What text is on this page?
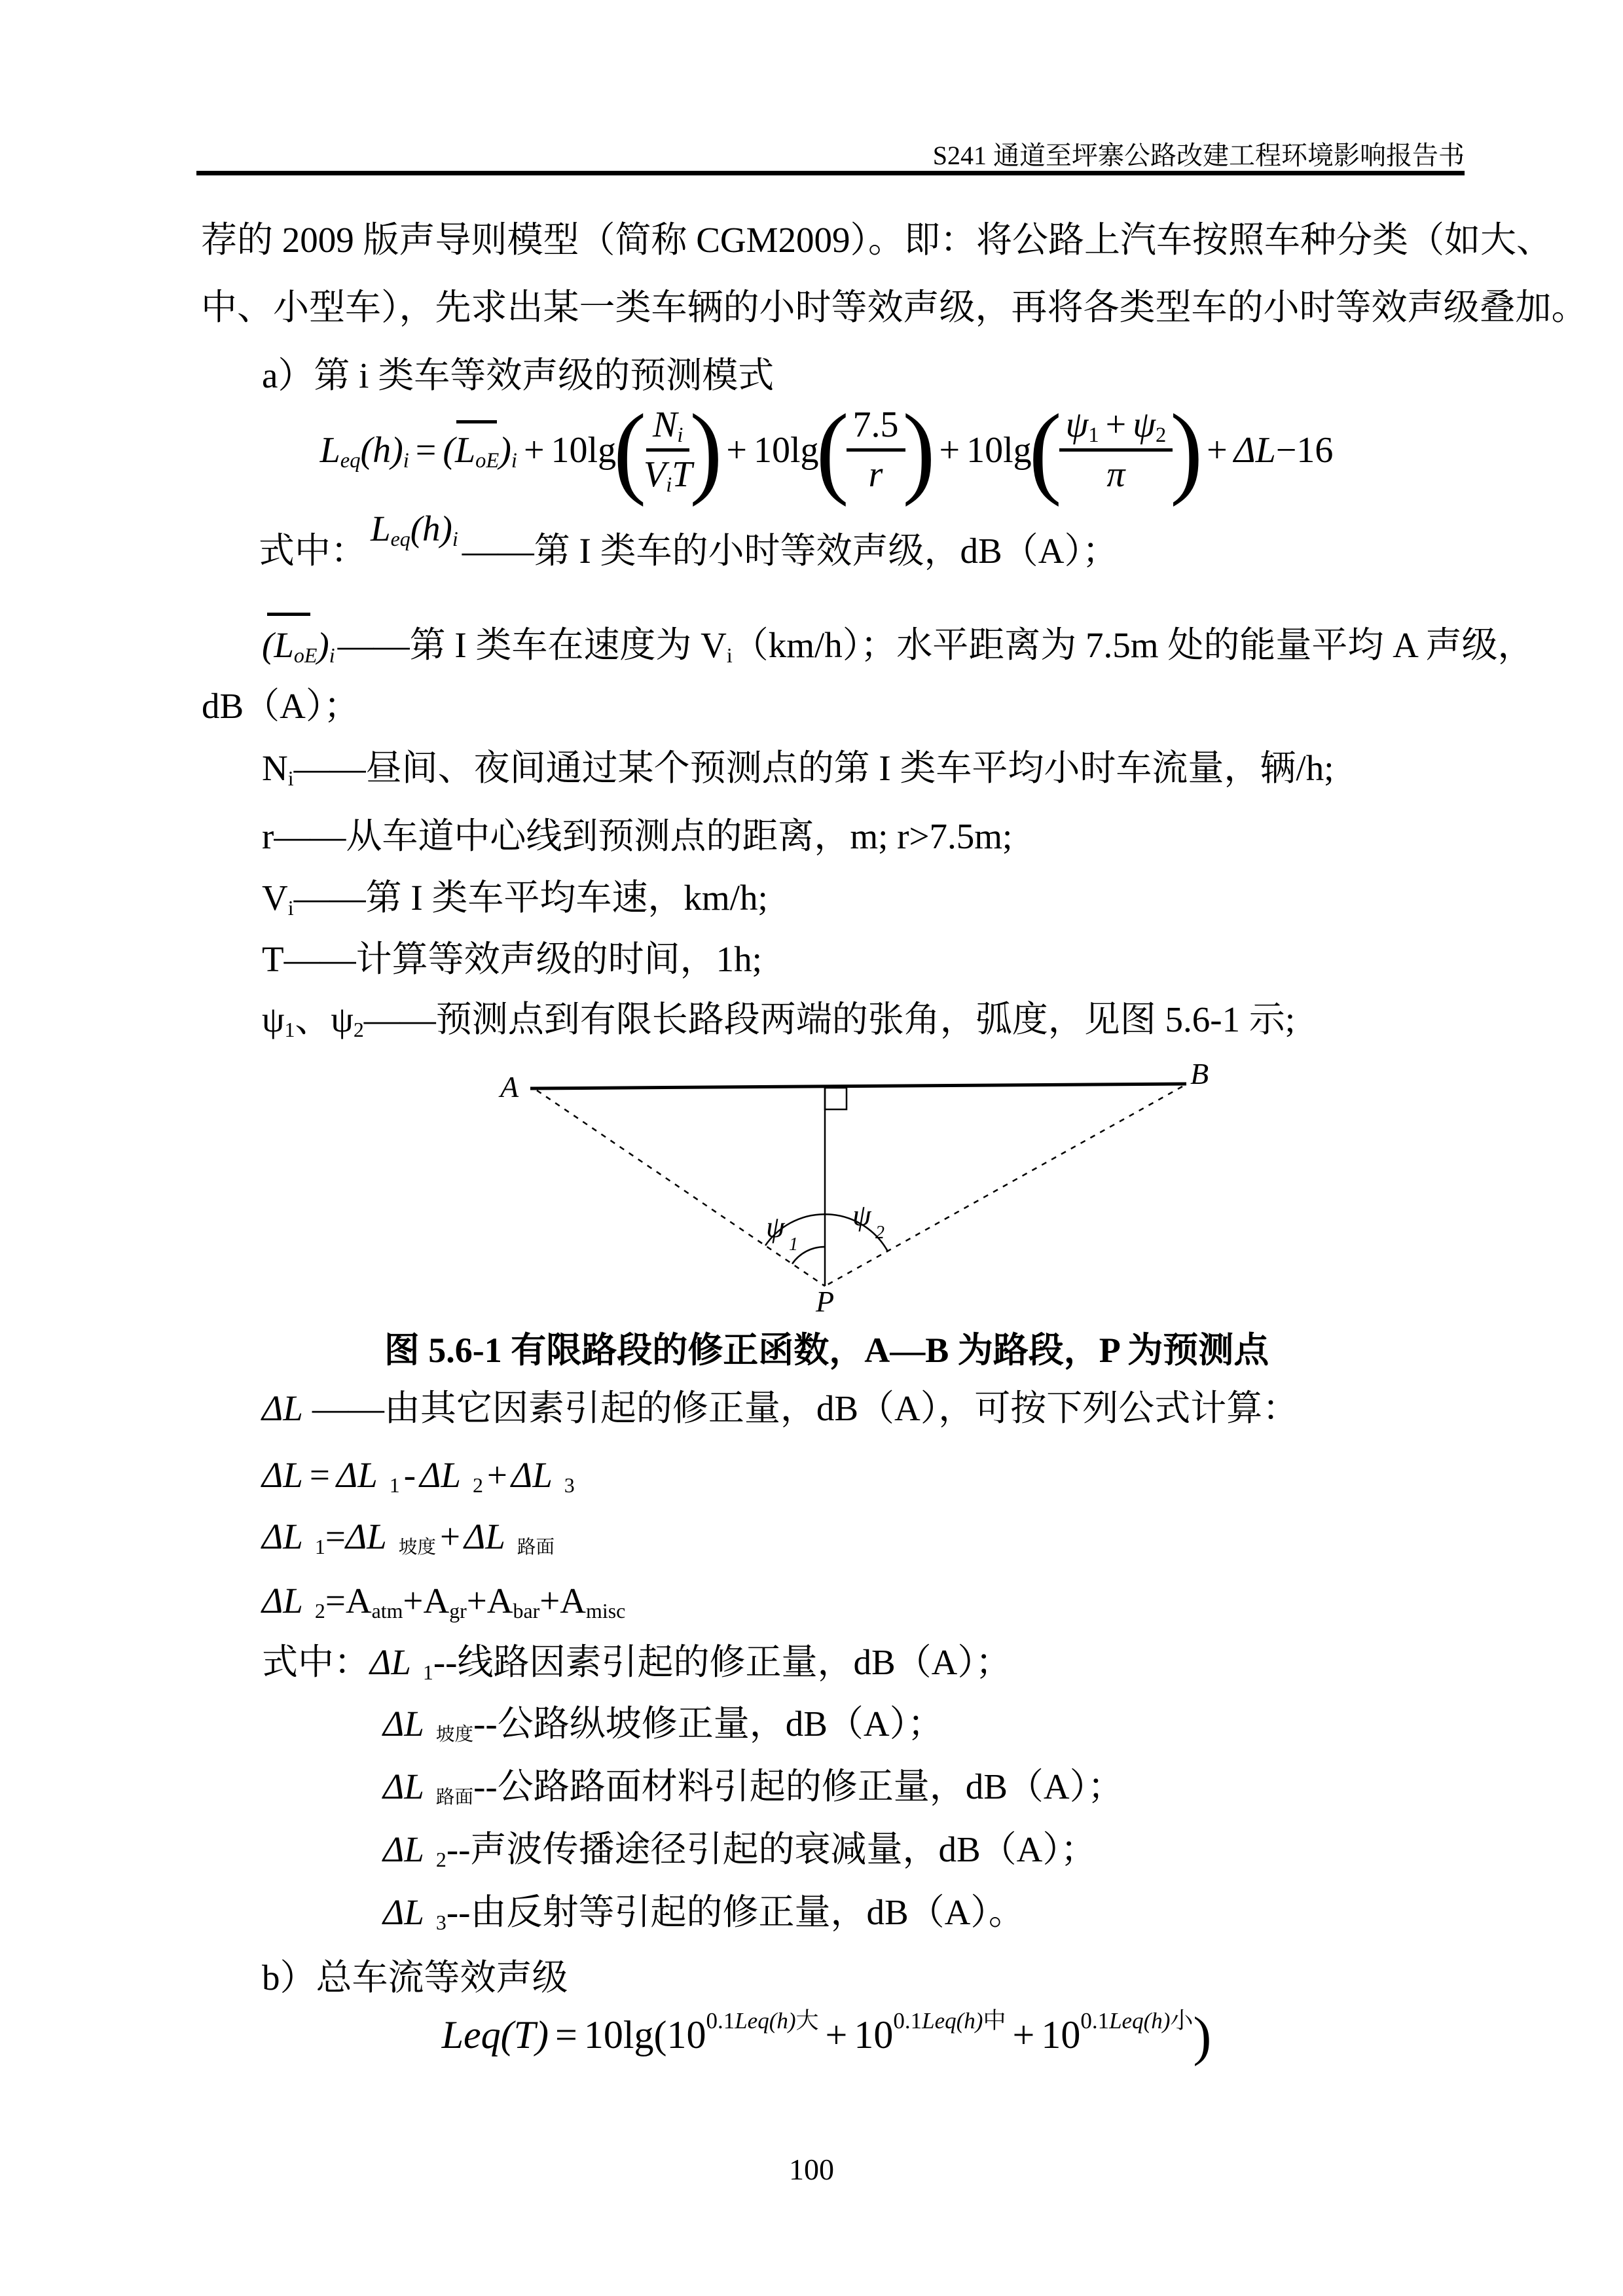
S241 通道至坪寨公路改建工程环境影响报告书
荐的 2009 版声导则模型（简称 CGM2009）。即：将公路上汽车按照车种分类（如大、
中、小型车），先求出某一类车辆的小时等效声级，再将各类型车的小时等效声级叠加。
a）第 i 类车等效声级的预测模式
$L_{eq}(h)_i = (L_{oE})_i + 10\lg$
(
$\frac{N_i}{V_iT}$
) + 10lg
(
$\frac{7.5}{r}$
) + 10lg
(
$\frac{\psi_1 + \psi_2}{\pi}$
) + ΔL−16
式中：$L_{eq}(h)_i$ ——第 I 类车的小时等效声级，dB（A）；
$(L_{oE})_i——$第 I 类车在速度为 $V_i(km/h)$；水平距离为 7.5m 处的能量平均 A 声级，
dB（A）；
$N_i——$昼间、夜间通过某个预测点的第 I 类车平均小时车流量，辆/h;
r——从车道中心线到预测点的距离，m; r>7.5m;
$V_i——$第 I 类车平均车速，km/h;
T——计算等效声级的时间，1h;
$\psi_1$、$\psi_2——$预测点到有限长路段两端的张角，弧度，见图 5.6-1 示;
A	B
P
ψ
1
ψ
2
图 5.6-1 有限路段的修正函数，A—B 为路段，P 为预测点
ΔL ——由其它因素引起的修正量，dB（A），可按下列公式计算：
ΔL = ΔL $_1$ - ΔL $_2$ + ΔL $_3$
ΔL $_1$=ΔL $_{坡度}$ + ΔL $_{路面}$
ΔL $_2=A_{atm}+A_{gr}+A_{bar}+A_{misc}$
式中：ΔL $_1$--线路因素引起的修正量，dB（A）；
ΔL $_{坡度}$--公路纵坡修正量，dB（A）；
ΔL $_{路面}$--公路路面材料引起的修正量，dB（A）；
ΔL $_2$--声波传播途径引起的衰减量，dB（A）；
ΔL $_3$--由反射等引起的修正量，dB（A）。
b）总车流等效声级
$Leq(T) = 10\lg(10^{0.1Leq(h)大} + 10^{0.1Leq(h)中} + 10^{0.1Leq(h)小})$
100
